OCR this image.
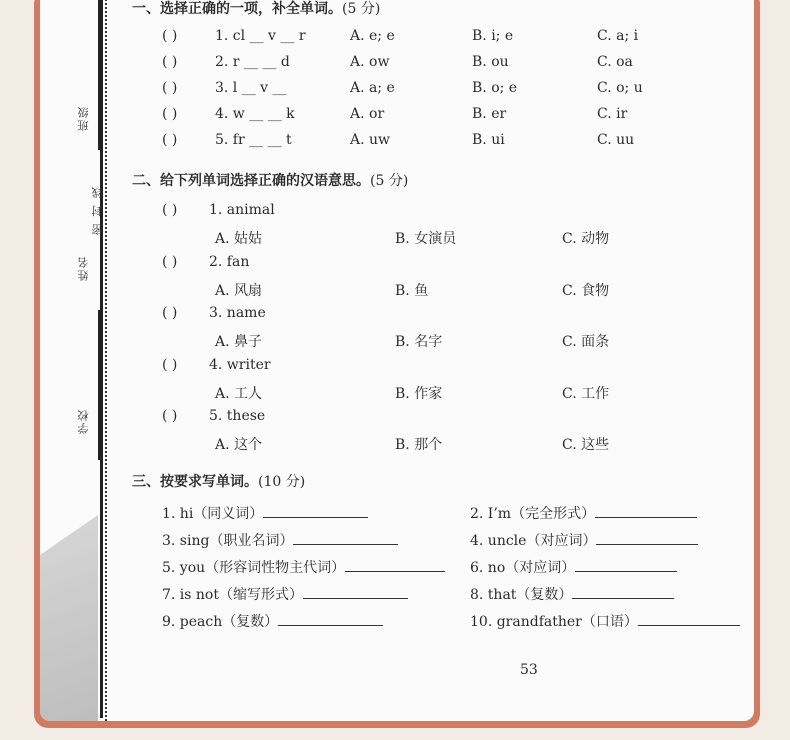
班级
姓名
学校
密 封 线
一、选择正确的一项，补全单词。(5 分)
( )	1. cl __ v __ r	A. e; e	B. i; e	C. a; i
( )	2. r __ __ d	A. ow	B. ou	C. oa
( )	3. l __ v __	A. a; e	B. o; e	C. o; u
( )	4. w __ __ k	A. or	B. er	C. ir
( )	5. fr __ __ t	A. uw	B. ui	C. uu
二、给下列单词选择正确的汉语意思。(5 分)
( ) 1. animal
A. 姑姑	B. 女演员	C. 动物
( ) 2. fan
A. 风扇	B. 鱼	C. 食物
( ) 3. name
A. 鼻子	B. 名字	C. 面条
( ) 4. writer
A. 工人	B. 作家	C. 工作
( ) 5. these
A. 这个	B. 那个	C. 这些
三、按要求写单词。(10 分)
1. hi（同义词）	2. I’m（完全形式）
3. sing（职业名词）	4. uncle（对应词）
5. you（形容词性物主代词）	6. no（对应词）
7. is not（缩写形式）	8. that（复数）
9. peach（复数）	10. grandfather（口语）
53
